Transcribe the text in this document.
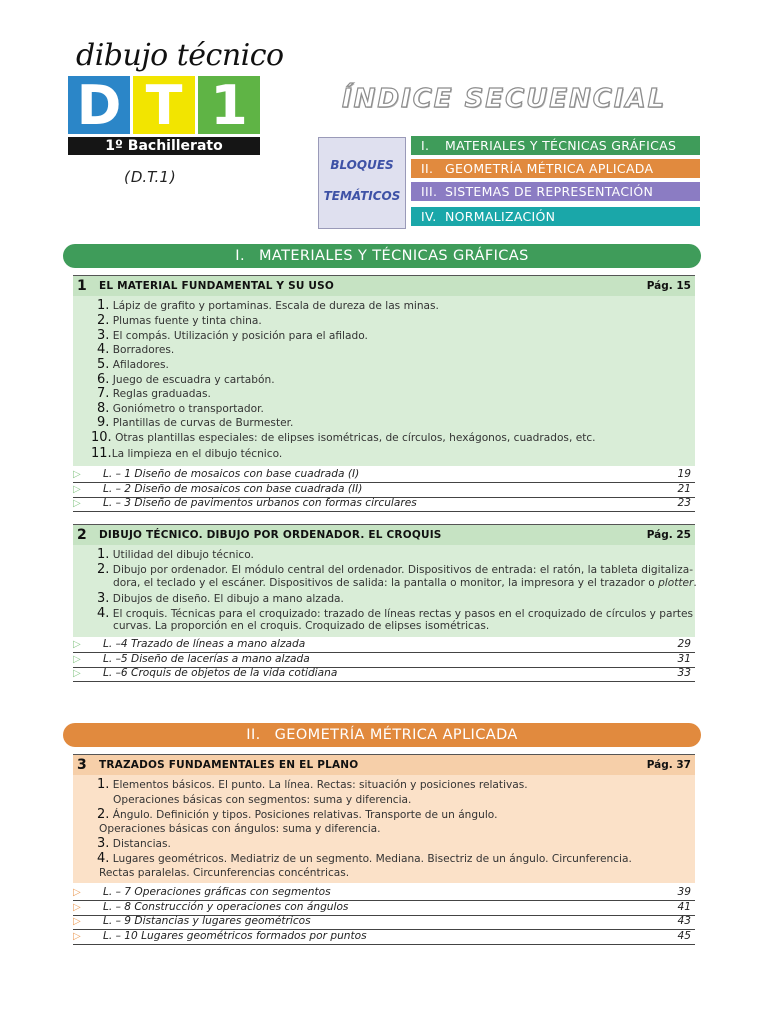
dibujo técnico
D T 1
1º Bachillerato
(D.T.1)
ÍNDICE SECUENCIAL
BLOQUES
TEMÁTICOS
I. MATERIALES Y TÉCNICAS GRÁFICAS
II. GEOMETRÍA MÉTRICA APLICADA
III. SISTEMAS DE REPRESENTACIÓN
IV. NORMALIZACIÓN
I. MATERIALES Y TÉCNICAS GRÁFICAS
1 EL MATERIAL FUNDAMENTAL Y SU USO	Pág. 15
1. Lápiz de grafito y portaminas. Escala de dureza de las minas.
2. Plumas fuente y tinta china.
3. El compás. Utilización y posición para el afilado.
4. Borradores.
5. Afiladores.
6. Juego de escuadra y cartabón.
7. Reglas graduadas.
8. Goniómetro o transportador.
9. Plantillas de curvas de Burmester.
10. Otras plantillas especiales: de elipses isométricas, de círculos, hexágonos, cuadrados, etc.
11.La limpieza en el dibujo técnico.
▷ L. – 1 Diseño de mosaicos con base cuadrada (I)	19
▷ L. – 2 Diseño de mosaicos con base cuadrada (II)	21
▷ L. – 3 Diseño de pavimentos urbanos con formas circulares	23
2 DIBUJO TÉCNICO. DIBUJO POR ORDENADOR. EL CROQUIS	Pág. 25
1. Utilidad del dibujo técnico.
2. Dibujo por ordenador. El módulo central del ordenador. Dispositivos de entrada: el ratón, la tableta digitaliza-
dora, el teclado y el escáner. Dispositivos de salida: la pantalla o monitor, la impresora y el trazador o plotter.
3. Dibujos de diseño. El dibujo a mano alzada.
4. El croquis. Técnicas para el croquizado: trazado de líneas rectas y pasos en el croquizado de círculos y partes
curvas. La proporción en el croquis. Croquizado de elipses isométricas.
▷ L. –4 Trazado de líneas a mano alzada	29
▷ L. –5 Diseño de lacerías a mano alzada	31
▷ L. –6 Croquis de objetos de la vida cotidiana	33
II. GEOMETRÍA MÉTRICA APLICADA
3 TRAZADOS FUNDAMENTALES EN EL PLANO	Pág. 37
1. Elementos básicos. El punto. La línea. Rectas: situación y posiciones relativas.
Operaciones básicas con segmentos: suma y diferencia.
2. Ángulo. Definición y tipos. Posiciones relativas. Transporte de un ángulo.
Operaciones básicas con ángulos: suma y diferencia.
3. Distancias.
4. Lugares geométricos. Mediatriz de un segmento. Mediana. Bisectriz de un ángulo. Circunferencia.
Rectas paralelas. Circunferencias concéntricas.
▷ L. – 7 Operaciones gráficas con segmentos	39
▷ L. – 8 Construcción y operaciones con ángulos	41
▷ L. – 9 Distancias y lugares geométricos	43
▷ L. – 10 Lugares geométricos formados por puntos	45
